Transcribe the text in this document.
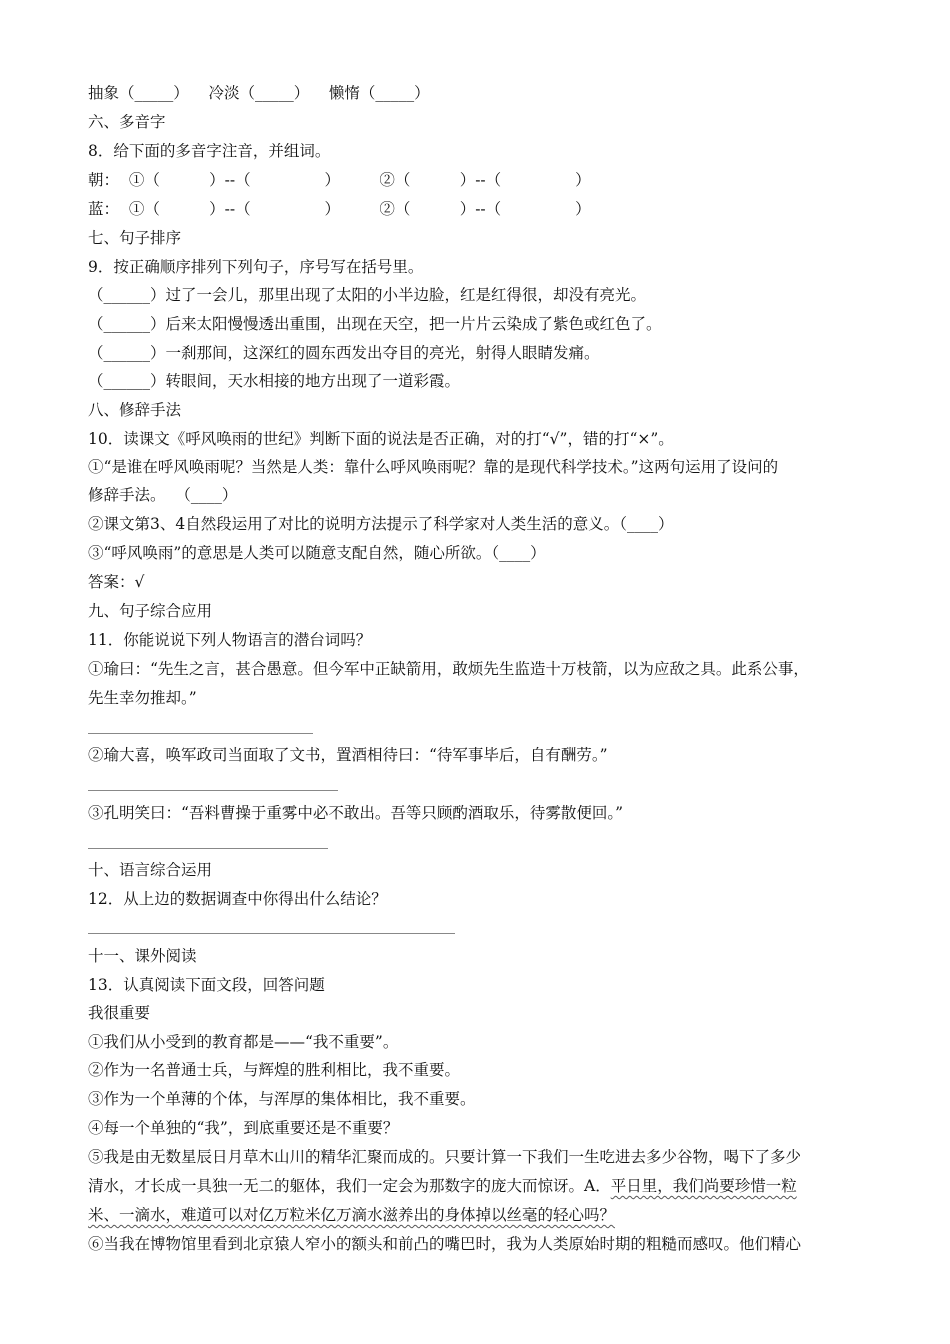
抽象（_____）    冷淡（_____）    懒惰（_____）
六、多音字
8．给下面的多音字注音，并组词。
朝：  ①（          ）--（               ）        ②（          ）--（               ）
蓝：  ①（          ）--（               ）        ②（          ）--（               ）
七、句子排序
9．按正确顺序排列下列句子，序号写在括号里。
（______）过了一会儿，那里出现了太阳的小半边脸，红是红得很，却没有亮光。
（______）后来太阳慢慢透出重围，出现在天空，把一片片云染成了紫色或红色了。
（______）一刹那间，这深红的圆东西发出夺目的亮光，射得人眼睛发痛。
（______）转眼间，天水相接的地方出现了一道彩霞。
八、修辞手法
10．读课文《呼风唤雨的世纪》判断下面的说法是否正确，对的打“√”，错的打“×”。
①“是谁在呼风唤雨呢？当然是人类：靠什么呼风唤雨呢？靠的是现代科学技术。”这两句运用了设问的
修辞手法。  （____）
②课文第3、4自然段运用了对比的说明方法提示了科学家对人类生活的意义。（____）
③“呼风唤雨”的意思是人类可以随意支配自然，随心所欲。（____）
答案：√
九、句子综合应用
11．你能说说下列人物语言的潜台词吗？
①瑜曰：“先生之言，甚合愚意。但今军中正缺箭用，敢烦先生监造十万枝箭，以为应敌之具。此系公事，
先生幸勿推却。”
②瑜大喜，唤军政司当面取了文书，置酒相待曰：“待军事毕后，自有酬劳。”
③孔明笑曰：“吾料曹操于重雾中必不敢出。吾等只顾酌酒取乐，待雾散便回。”
十、语言综合运用
12．从上边的数据调查中你得出什么结论？
十一、课外阅读
13．认真阅读下面文段，回答问题
我很重要
①我们从小受到的教育都是——“我不重要”。
②作为一名普通士兵，与辉煌的胜利相比，我不重要。
③作为一个单薄的个体，与浑厚的集体相比，我不重要。
④每一个单独的“我”，到底重要还是不重要？
⑤我是由无数星辰日月草木山川的精华汇聚而成的。只要计算一下我们一生吃进去多少谷物，喝下了多少
清水，才长成一具独一无二的躯体，我们一定会为那数字的庞大而惊讶。A．平日里，我们尚要珍惜一粒
米、一滴水，难道可以对亿万粒米亿万滴水滋养出的身体掉以丝毫的轻心吗？
⑥当我在博物馆里看到北京猿人窄小的额头和前凸的嘴巴时，我为人类原始时期的粗糙而感叹。他们精心
